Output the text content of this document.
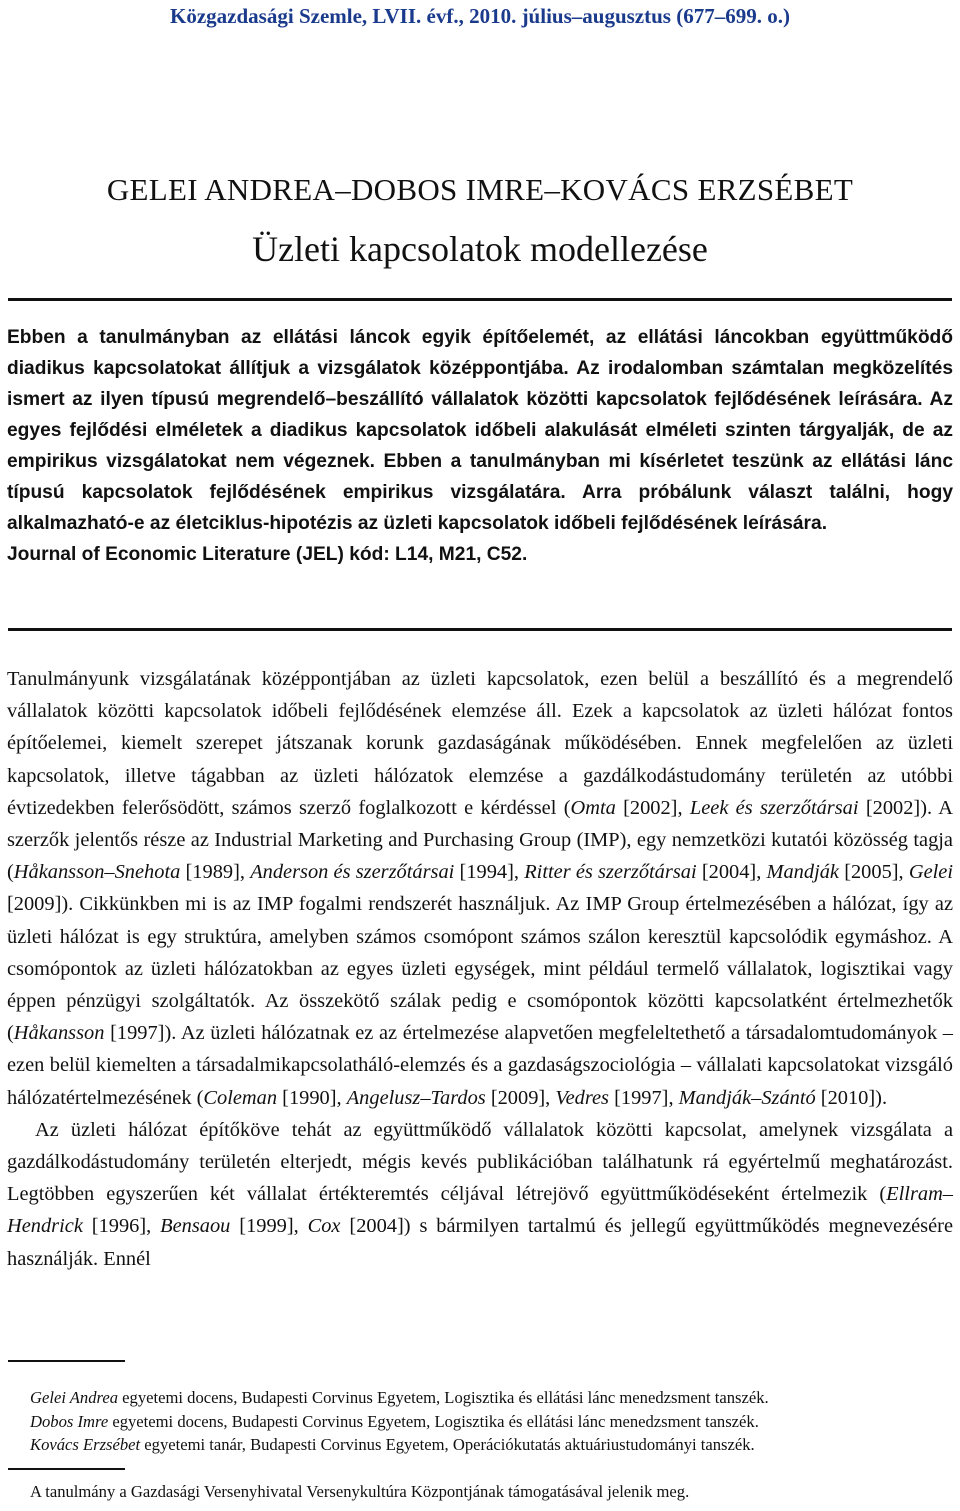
Közgazdasági Szemle, LVII. évf., 2010. július–augusztus (677–699. o.)
GELEI ANDREA–DOBOS IMRE–KOVÁCS ERZSÉBET
Üzleti kapcsolatok modellezése
Ebben a tanulmányban az ellátási láncok egyik építőelemét, az ellátási láncokban együttműködő diadikus kapcsolatokat állítjuk a vizsgálatok középpontjába. Az irodalomban számtalan megközelítés ismert az ilyen típusú megrendelő–beszállító vállalatok közötti kapcsolatok fejlődésének leírására. Az egyes fejlődési elméletek a diadikus kapcsolatok időbeli alakulását elméleti szinten tárgyalják, de az empirikus vizsgálatokat nem végeznek. Ebben a tanulmányban mi kísérletet teszünk az ellátási lánc típusú kapcsolatok fejlődésének empirikus vizsgálatára. Arra próbálunk választ találni, hogy alkalmazható-e az életciklus-hipotézis az üzleti kapcsolatok időbeli fejlődésének leírására.
Journal of Economic Literature (JEL) kód: L14, M21, C52.

Tanulmányunk vizsgálatának középpontjában az üzleti kapcsolatok, ezen belül a beszállító és a megrendelő vállalatok közötti kapcsolatok időbeli fejlődésének elemzése áll. Ezek a kapcsolatok az üzleti hálózat fontos építőelemei, kiemelt szerepet játszanak korunk gazdaságának működésében. Ennek megfelelően az üzleti kapcsolatok, illetve tágabban az üzleti hálózatok elemzése a gazdálkodástudomány területén az utóbbi évtizedekben felerősödött, számos szerző foglalkozott e kérdéssel (Omta [2002], Leek és szerzőtársai [2002]). A szerzők jelentős része az Industrial Marketing and Purchasing Group (IMP), egy nemzetközi kutatói közösség tagja (Håkansson–Snehota [1989], Anderson és szerzőtársai [1994], Ritter és szerzőtársai [2004], Mandják [2005], Gelei [2009]). Cikkünkben mi is az IMP fogalmi rendszerét használjuk. Az IMP Group értelmezésében a hálózat, így az üzleti hálózat is egy struktúra, amelyben számos csomópont számos szálon keresztül kapcsolódik egymáshoz. A csomópontok az üzleti hálózatokban az egyes üzleti egységek, mint például termelő vállalatok, logisztikai vagy éppen pénzügyi szolgáltatók. Az összekötő szálak pedig e csomópontok közötti kapcsolatként értelmezhetők (Håkansson [1997]). Az üzleti hálózatnak ez az értelmezése alapvetően megfeleltethető a társadalomtudományok – ezen belül kiemelten a társadalmikapcsolatháló-elemzés és a gazdaságszociológia – vállalati kapcsolatokat vizsgáló hálózatértelmezésének (Coleman [1990], Angelusz–Tardos [2009], Vedres [1997], Mandják–Szántó [2010]).

Az üzleti hálózat építőköve tehát az együttműködő vállalatok közötti kapcsolat, amelynek vizsgálata a gazdálkodástudomány területén elterjedt, mégis kevés publikációban találhatunk rá egyértelmű meghatározást. Legtöbben egyszerűen két vállalat értékteremtés céljával létrejövő együttműködéseként értelmezik (Ellram–Hendrick [1996], Bensaou [1999], Cox [2004]) s bármilyen tartalmú és jellegű együttműködés megnevezésére használják. Ennél

Gelei Andrea egyetemi docens, Budapesti Corvinus Egyetem, Logisztika és ellátási lánc menedzsment tanszék.
Dobos Imre egyetemi docens, Budapesti Corvinus Egyetem, Logisztika és ellátási lánc menedzsment tanszék.
Kovács Erzsébet egyetemi tanár, Budapesti Corvinus Egyetem, Operációkutatás aktuáriustudományi tanszék.
A tanulmány a Gazdasági Versenyhivatal Versenykultúra Központjának támogatásával jelenik meg.
